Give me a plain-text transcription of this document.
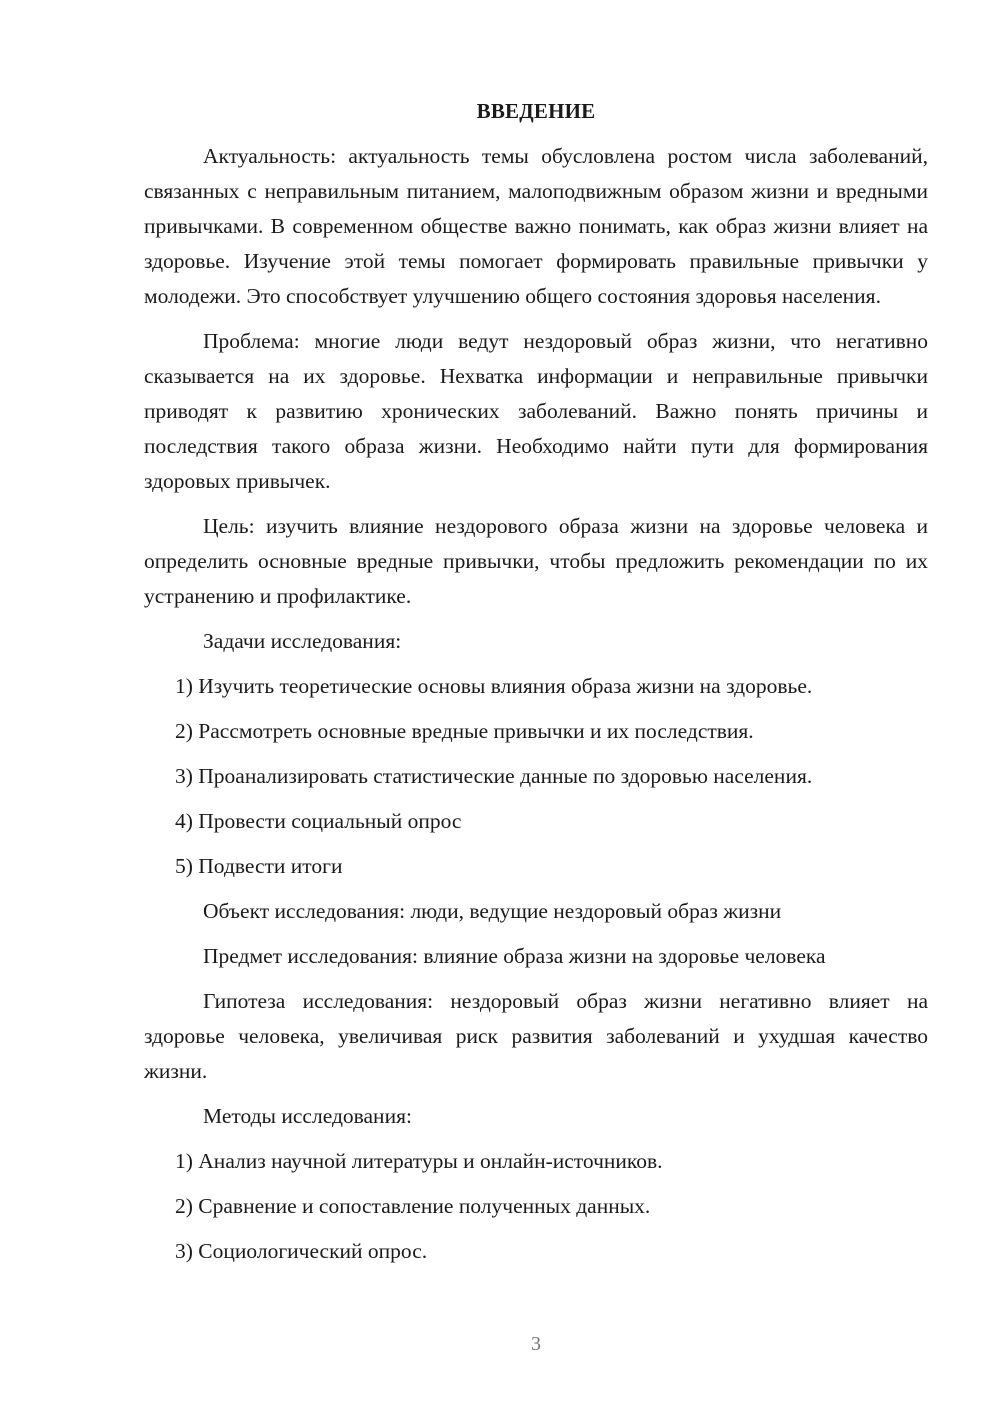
ВВЕДЕНИЕ

Актуальность: актуальность темы обусловлена ростом числа заболеваний, связанных с неправильным питанием, малоподвижным образом жизни и вредными привычками. В современном обществе важно понимать, как образ жизни влияет на здоровье. Изучение этой темы помогает формировать правильные привычки у молодежи. Это способствует улучшению общего состояния здоровья населения.

Проблема: многие люди ведут нездоровый образ жизни, что негативно сказывается на их здоровье. Нехватка информации и неправильные привычки приводят к развитию хронических заболеваний. Важно понять причины и последствия такого образа жизни. Необходимо найти пути для формирования здоровых привычек.

Цель: изучить влияние нездорового образа жизни на здоровье человека и определить основные вредные привычки, чтобы предложить рекомендации по их устранению и профилактике.

Задачи исследования:

1) Изучить теоретические основы влияния образа жизни на здоровье.

2) Рассмотреть основные вредные привычки и их последствия.

3) Проанализировать статистические данные по здоровью населения.

4) Провести социальный опрос

5) Подвести итоги

Объект исследования: люди, ведущие нездоровый образ жизни

Предмет исследования: влияние образа жизни на здоровье человека

Гипотеза исследования: нездоровый образ жизни негативно влияет на здоровье человека, увеличивая риск развития заболеваний и ухудшая качество жизни.

Методы исследования:

1) Анализ научной литературы и онлайн-источников.

2) Сравнение и сопоставление полученных данных.

3) Социологический опрос.

3
